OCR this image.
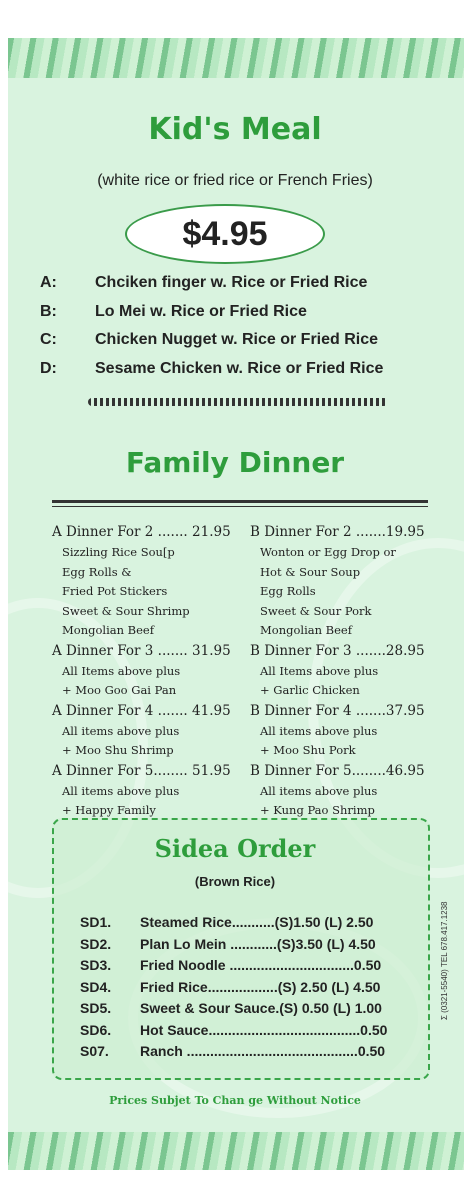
Kid's Meal
(white rice or fried rice or French Fries)
$4.95
A:	Chciken finger w. Rice or Fried Rice
B:	Lo Mei w. Rice or Fried Rice
C:	Chicken Nugget w. Rice or Fried Rice
D:	Sesame Chicken w. Rice or Fried Rice
Family Dinner
A Dinner For 2 ....... 21.95
Sizzling Rice Sou[p
Egg Rolls &
Fried Pot Stickers
Sweet & Sour Shrimp
Mongolian Beef
A Dinner For 3 ....... 31.95
All Items above plus
+ Moo Goo Gai Pan
A Dinner For 4 ....... 41.95
All items above plus
+ Moo Shu Shrimp
A Dinner For 5........ 51.95
All items above plus
+ Happy Family
B Dinner For 2 .......19.95
Wonton or Egg Drop or
Hot & Sour Soup
Egg Rolls
Sweet & Sour Pork
Mongolian Beef
B Dinner For 3 .......28.95
All Items above plus
+ Garlic Chicken
B Dinner For 4 .......37.95
All items above plus
+ Moo Shu Pork
B Dinner For 5........46.95
All items above plus
+ Kung Pao Shrimp
Sidea Order
(Brown Rice)
SD1.	Steamed Rice...........(S)1.50 (L) 2.50
SD2.	Plan Lo Mein ............(S)3.50 (L) 4.50
SD3.	Fried Noodle ................................0.50
SD4.	Fried Rice..................(S) 2.50 (L) 4.50
SD5.	Sweet & Sour Sauce.(S) 0.50 (L) 1.00
SD6.	Hot Sauce.......................................0.50
S07.	Ranch ............................................0.50
Prices Subjet To Chan ge Without Notice
Σ (0321-5540) TEL 678.417.1238
